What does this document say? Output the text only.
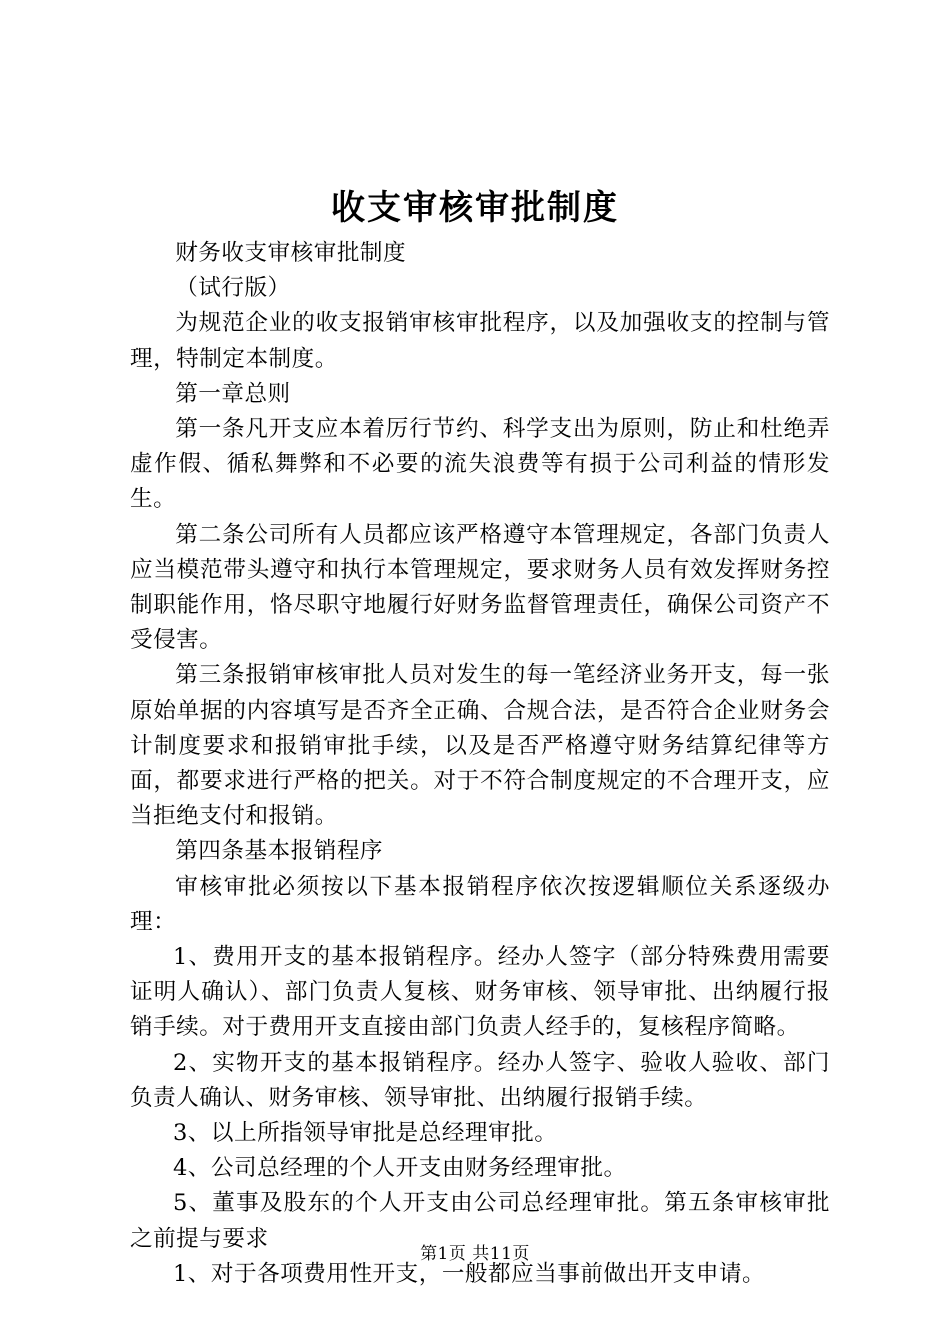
收支审核审批制度

财务收支审核审批制度

（试行版）

为规范企业的收支报销审核审批程序，以及加强收支的控制与管理，特制定本制度。

第一章总则

第一条凡开支应本着厉行节约、科学支出为原则，防止和杜绝弄虚作假、循私舞弊和不必要的流失浪费等有损于公司利益的情形发生。

第二条公司所有人员都应该严格遵守本管理规定，各部门负责人应当模范带头遵守和执行本管理规定，要求财务人员有效发挥财务控制职能作用，恪尽职守地履行好财务监督管理责任，确保公司资产不受侵害。

第三条报销审核审批人员对发生的每一笔经济业务开支，每一张原始单据的内容填写是否齐全正确、合规合法，是否符合企业财务会计制度要求和报销审批手续，以及是否严格遵守财务结算纪律等方面，都要求进行严格的把关。对于不符合制度规定的不合理开支，应当拒绝支付和报销。

第四条基本报销程序

审核审批必须按以下基本报销程序依次按逻辑顺位关系逐级办理：

1、费用开支的基本报销程序。经办人签字（部分特殊费用需要证明人确认）、部门负责人复核、财务审核、领导审批、出纳履行报销手续。对于费用开支直接由部门负责人经手的，复核程序简略。

2、实物开支的基本报销程序。经办人签字、验收人验收、部门负责人确认、财务审核、领导审批、出纳履行报销手续。

3、以上所指领导审批是总经理审批。

4、公司总经理的个人开支由财务经理审批。

5、董事及股东的个人开支由公司总经理审批。第五条审核审批之前提与要求

1、对于各项费用性开支，一般都应当事前做出开支申请。

第1页 共11页
